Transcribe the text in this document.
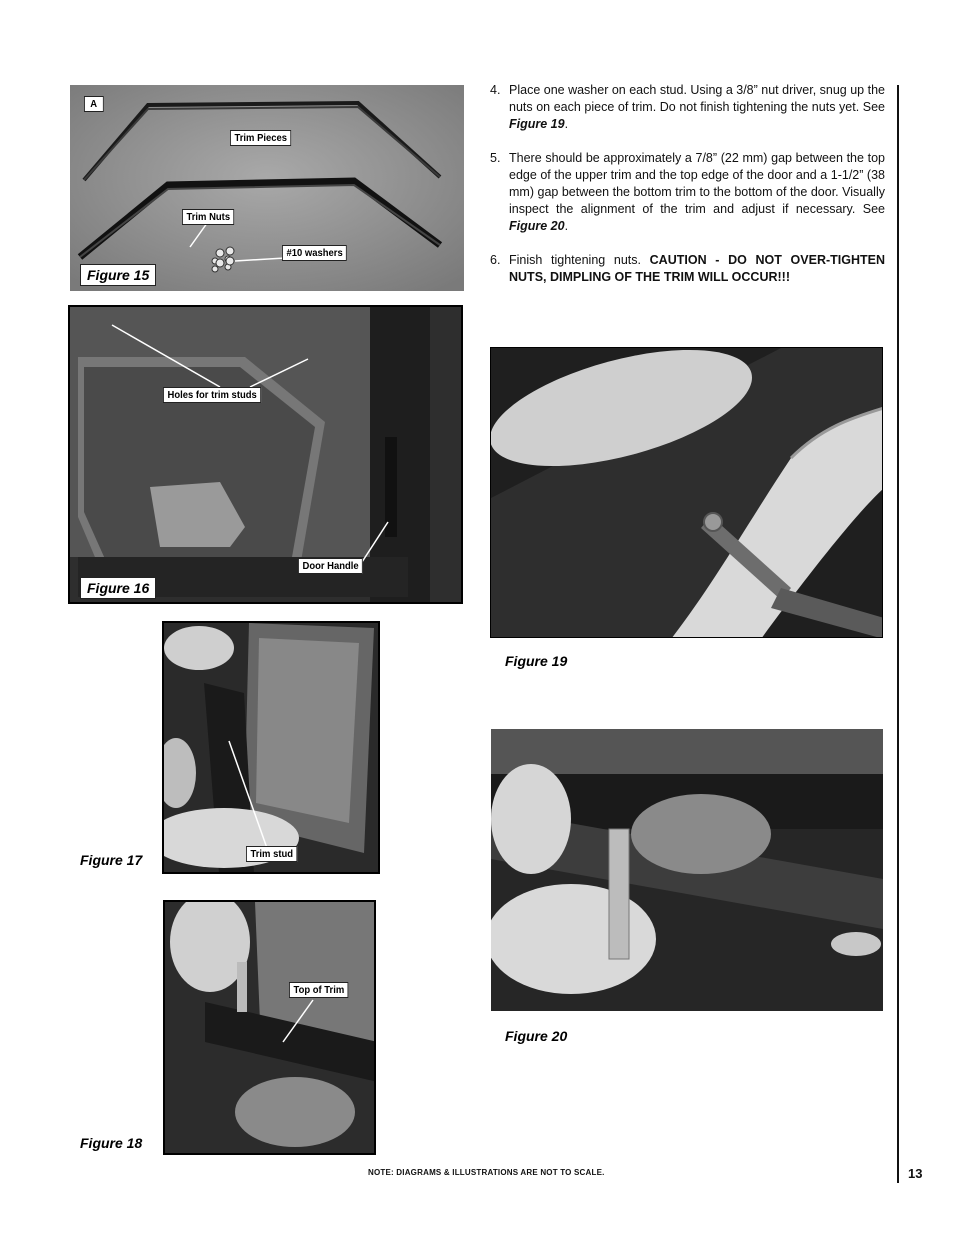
A
Trim Pieces
Trim Nuts
#10 washers
Figure 15
Holes for trim studs
Door Handle
Figure 16
Trim stud
Figure 17
Top of Trim
Figure 18
4. Place one washer on each stud. Using a 3/8” nut driver, snug up the nuts on each piece of trim. Do not finish tightening the nuts yet. See Figure 19.
5. There should be approximately a 7/8” (22 mm) gap between the top edge of the upper trim and the top edge of the door and a 1-1/2” (38 mm) gap between the bottom trim to the bottom of the door. Visually inspect the alignment of the trim and adjust if necessary. See Figure 20.
6. Finish tightening nuts. CAUTION - DO NOT OVER-TIGHTEN NUTS, DIMPLING OF THE TRIM WILL OCCUR!!!
Figure 19
Figure 20
NOTE: DIAGRAMS & ILLUSTRATIONS ARE NOT TO SCALE.	13
